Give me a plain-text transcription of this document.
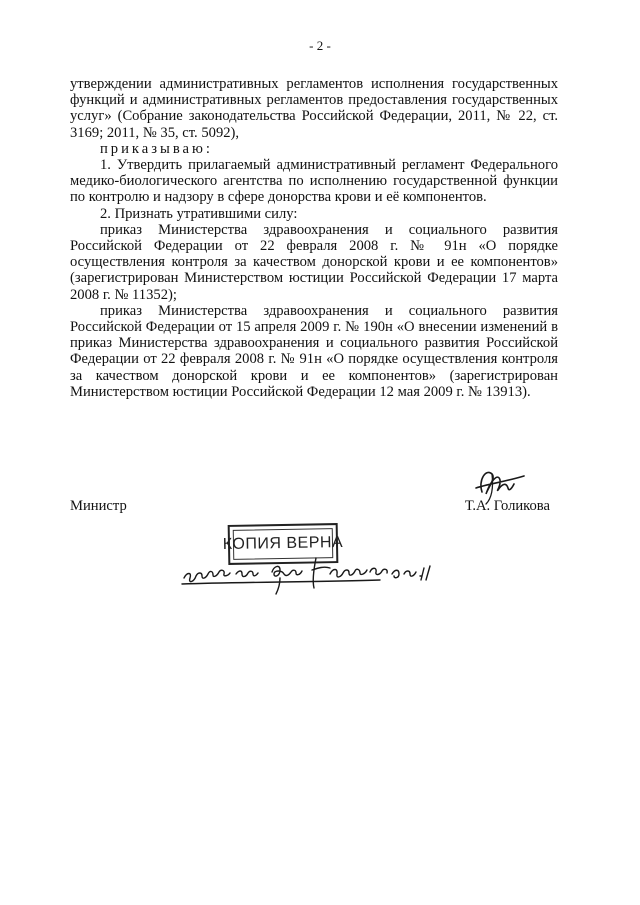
- 2 -

утверждении административных регламентов исполнения государственных функций и административных регламентов предоставления государственных услуг» (Собрание законодательства Российской Федерации, 2011, № 22, ст. 3169; 2011, № 35, ст. 5092),

приказываю:

1. Утвердить прилагаемый административный регламент Федерального медико-биологического агентства по исполнению государственной функции по контролю и надзору в сфере донорства крови и её компонентов.

2. Признать утратившими силу:

приказ Министерства здравоохранения и социального развития Российской Федерации от 22 февраля 2008 г. № 91н «О порядке осуществления контроля за качеством донорской крови и ее компонентов» (зарегистрирован Министерством юстиции Российской Федерации 17 марта 2008 г. № 11352);

приказ Министерства здравоохранения и социального развития Российской Федерации от 15 апреля 2009 г. № 190н «О внесении изменений в приказ Министерства здравоохранения и социального развития Российской Федерации от 22 февраля 2008 г. № 91н «О порядке осуществления контроля за качеством донорской крови и ее компонентов» (зарегистрирован Министерством юстиции Российской Федерации 12 мая 2009 г. № 13913).

Министр	Т.А. Голикова
КОПИЯ ВЕРНА
